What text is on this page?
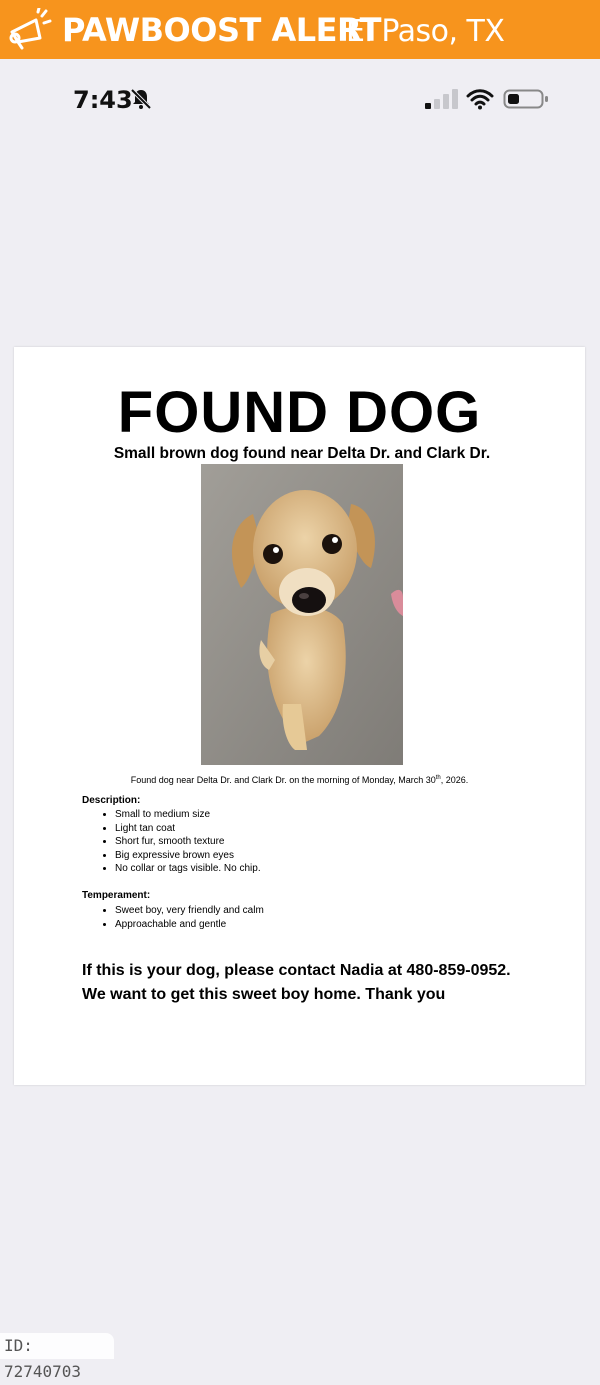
PAWBOOST ALERT
El Paso, TX
7:43
FOUND DOG
Small brown dog found near Delta Dr. and Clark Dr.
Found dog near Delta Dr. and Clark Dr. on the morning of Monday, March 30th, 2026.
Description:
• Small to medium size
• Light tan coat
• Short fur, smooth texture
• Big expressive brown eyes
• No collar or tags visible. No chip.
Temperament:
• Sweet boy, very friendly and calm
• Approachable and gentle
If this is your dog, please contact Nadia at 480-859-0952.
We want to get this sweet boy home. Thank you
ID: 72740703
